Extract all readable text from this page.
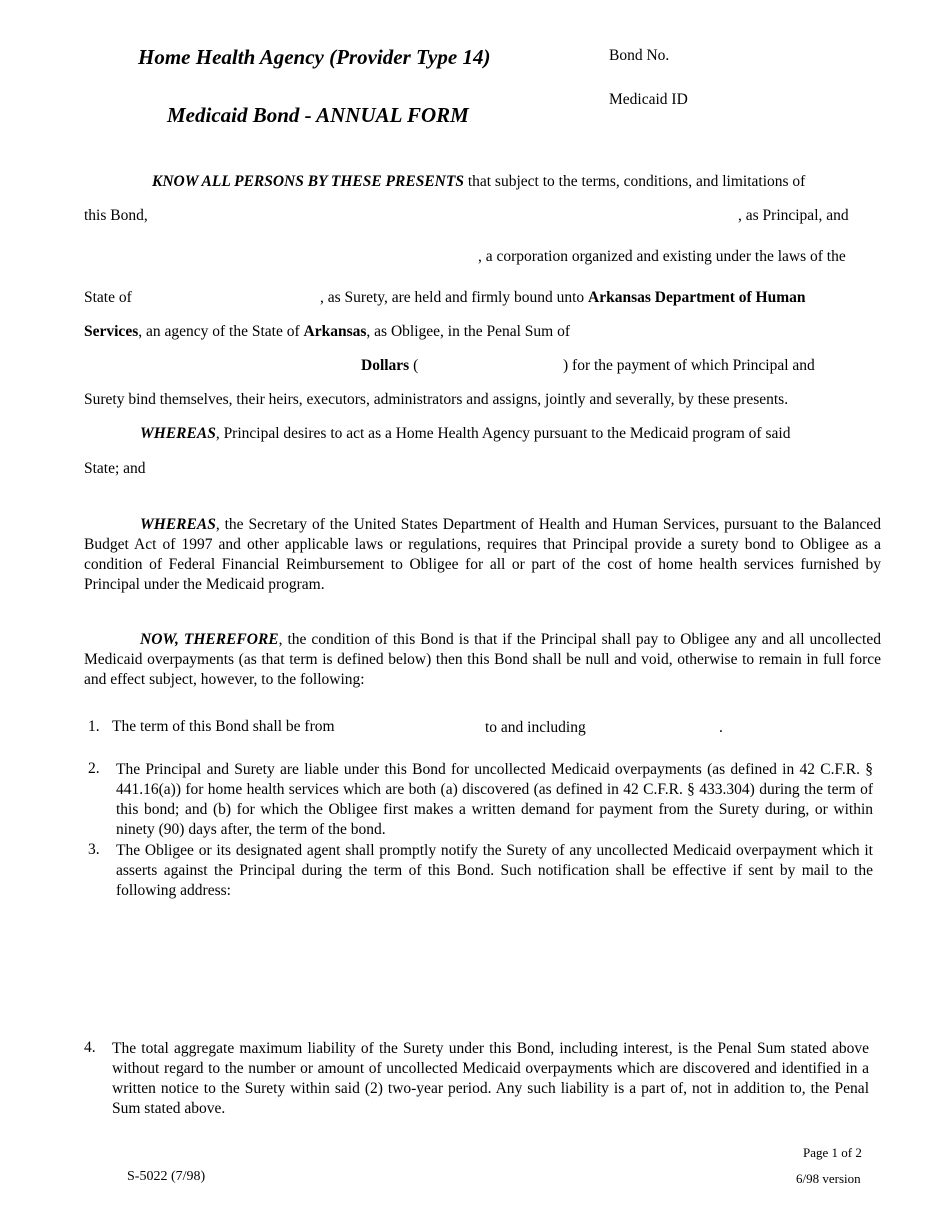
Home Health Agency (Provider Type 14)
Medicaid Bond - ANNUAL FORM
Bond No.
Medicaid ID
KNOW ALL PERSONS BY THESE PRESENTS that subject to the terms, conditions, and limitations of
this Bond,	, as Principal, and
, a corporation organized and existing under the laws of the
State of	, as Surety, are held and firmly bound unto Arkansas Department of Human
Services, an agency of the State of Arkansas, as Obligee, in the Penal Sum of
Dollars (	) for the payment of which Principal and
Surety bind themselves, their heirs, executors, administrators and assigns, jointly and severally, by these presents.
WHEREAS, Principal desires to act as a Home Health Agency pursuant to the Medicaid program of said
State; and
WHEREAS, the Secretary of the United States Department of Health and Human Services, pursuant to the Balanced Budget Act of 1997 and other applicable laws or regulations, requires that Principal provide a surety bond to Obligee as a condition of Federal Financial Reimbursement to Obligee for all or part of the cost of home health services furnished by Principal under the Medicaid program.
NOW, THEREFORE, the condition of this Bond is that if the Principal shall pay to Obligee any and all uncollected Medicaid overpayments (as that term is defined below) then this Bond shall be null and void, otherwise to remain in full force and effect subject, however, to the following:
1. The term of this Bond shall be from	to and including	.
2. The Principal and Surety are liable under this Bond for uncollected Medicaid overpayments (as defined in 42 C.F.R. § 441.16(a)) for home health services which are both (a) discovered (as defined in 42 C.F.R. § 433.304) during the term of this bond; and (b) for which the Obligee first makes a written demand for payment from the Surety during, or within ninety (90) days after, the term of the bond.
3. The Obligee or its designated agent shall promptly notify the Surety of any uncollected Medicaid overpayment which it asserts against the Principal during the term of this Bond. Such notification shall be effective if sent by mail to the following address:
4. The total aggregate maximum liability of the Surety under this Bond, including interest, is the Penal Sum stated above without regard to the number or amount of uncollected Medicaid overpayments which are discovered and identified in a written notice to the Surety within said (2) two-year period. Any such liability is a part of, not in addition to, the Penal Sum stated above.
Page 1 of 2
S-5022 (7/98)	6/98 version
